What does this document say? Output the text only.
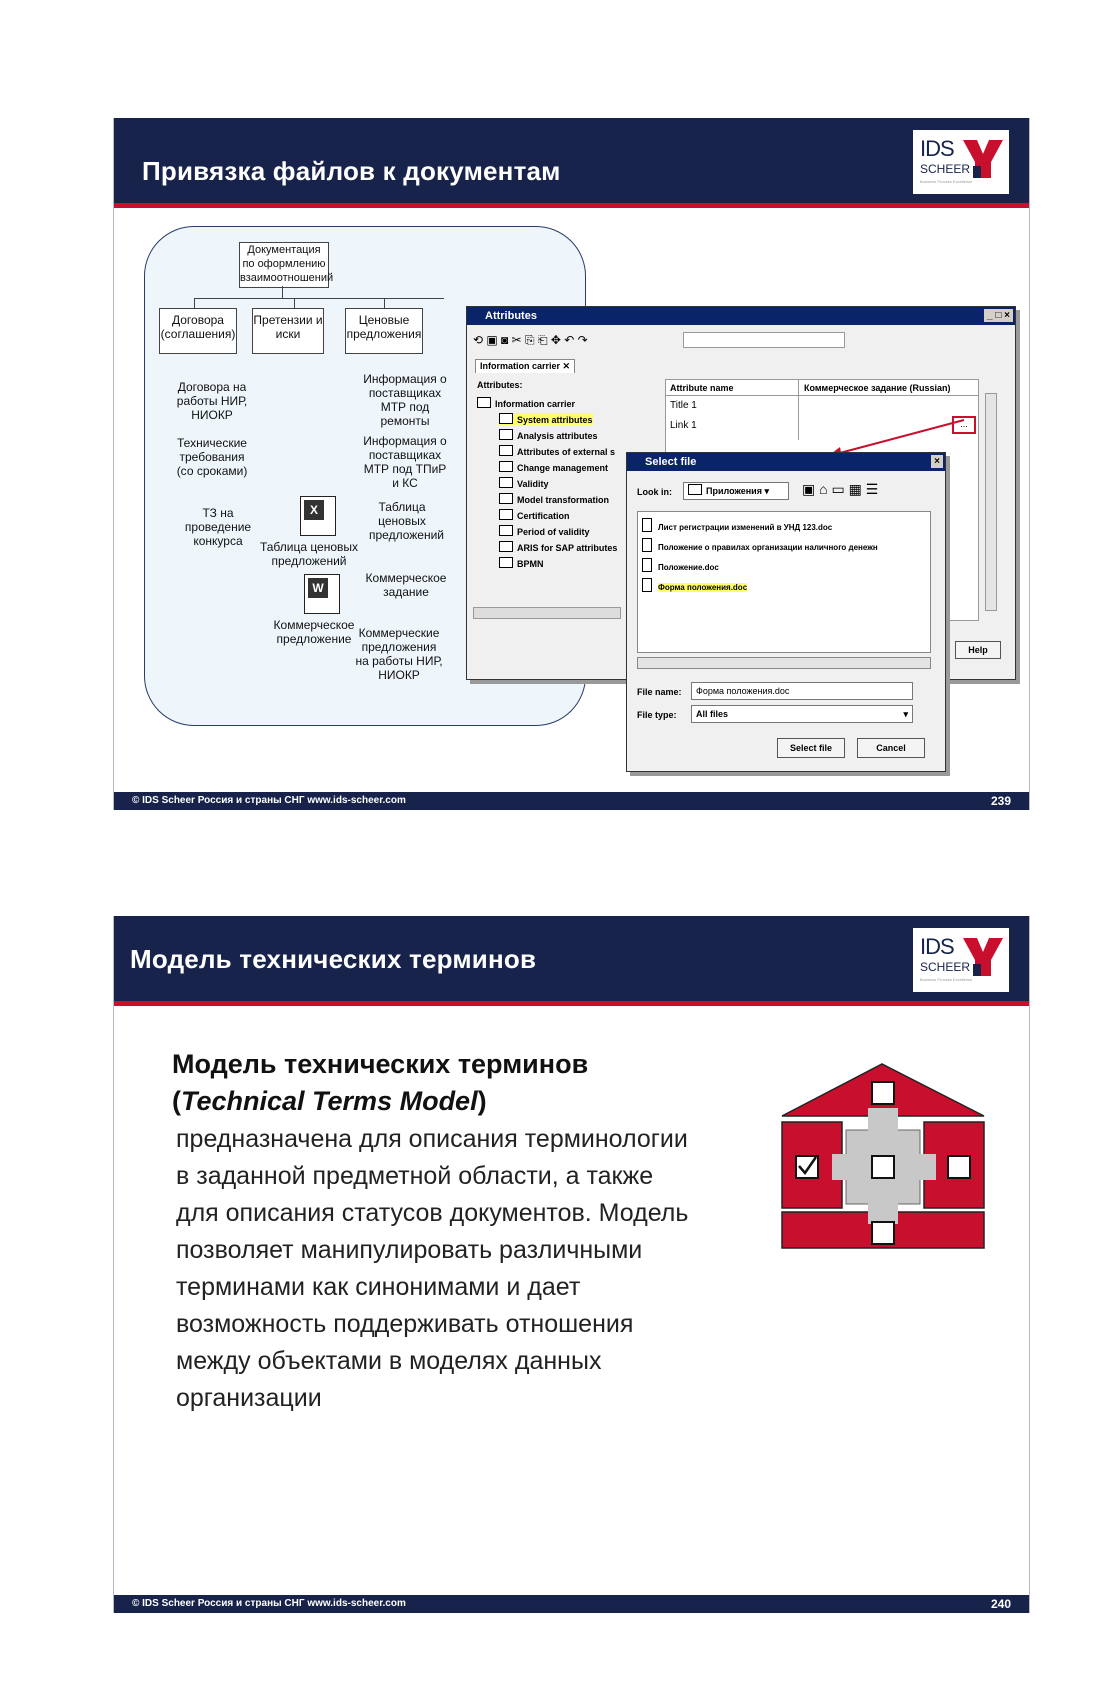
Привязка файлов к документам
IDS
SCHEER
Business Process Excellence
Документация по оформлению взаимоотношений
Договора (соглашения)
Претензии и иски
Ценовые предложения
Договора на работы НИР, НИОКР
Технические требования (со сроками)
ТЗ на проведение конкурса
Информация о поставщиках МТР под ремонты
Информация о поставщиках МТР под ТПиР и КС
Таблица ценовых предложений
Коммерческое задание
Коммерческие предложения на работы НИР, НИОКР
X
Таблица ценовых предложений
W
Коммерческое предложение
Attributes	_ □ ×
⟲ ▣ ◙ ✂ ⎘ ⎗ ✥ ↶ ↷
Information carrier ✕
Attributes:
Information carrier
System attributes
Analysis attributes
Attributes of external s
Change management
Validity
Model transformation
Certification
Period of validity
ARIS for SAP attributes
BPMN
Attribute name	Коммерческое задание (Russian)
Title 1
Link 1	...
Help
Select file	×
Look in:	Приложения ▾	▣ ⌂ ▭ ▦ ☰
Лист регистрации изменений в УНД 123.doc
Положение о правилах организации наличного денежн
Положение.doc
Форма положения.doc
File name:	Форма положения.doc
File type:	All files	▾
Select file	Cancel
© IDS Scheer Россия и страны СНГ www.ids-scheer.com	239
Модель технических терминов	IDS
SCHEER
Business Process Excellence
Модель технических терминов
(Technical Terms Model)
предназначена для описания терминологии в заданной предметной области, а также для описания статусов документов. Модель позволяет манипулировать различными терминами как синонимами и дает возможность поддерживать отношения между объектами в моделях данных организации
© IDS Scheer Россия и страны СНГ www.ids-scheer.com	240
